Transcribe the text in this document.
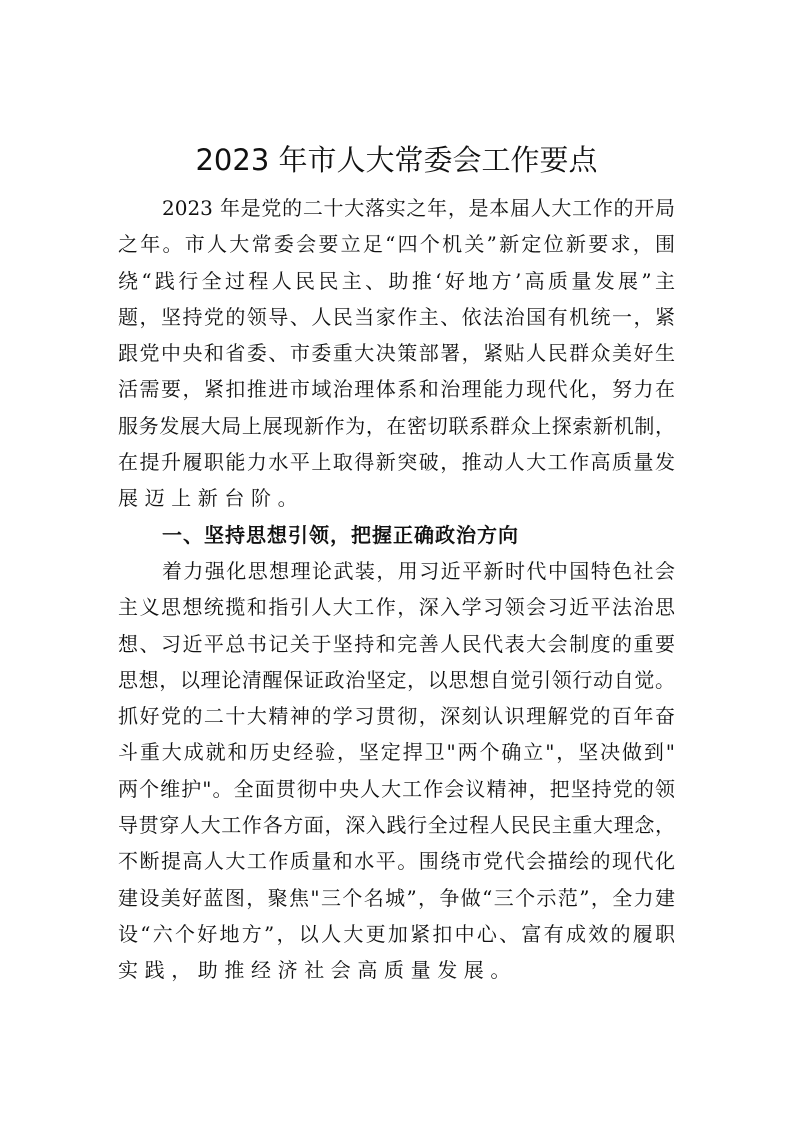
2023 年市人大常委会工作要点
2023 年是党的二十大落实之年，是本届人大工作的开局
之年。市人大常委会要立足“四个机关”新定位新要求，围
绕“践行全过程人民民主、助推‘好地方’高质量发展”主
题，坚持党的领导、人民当家作主、依法治国有机统一，紧
跟党中央和省委、市委重大决策部署，紧贴人民群众美好生
活需要，紧扣推进市域治理体系和治理能力现代化，努力在
服务发展大局上展现新作为，在密切联系群众上探索新机制，
在提升履职能力水平上取得新突破，推动人大工作高质量发
展迈上新台阶。
一、坚持思想引领，把握正确政治方向
着力强化思想理论武装，用习近平新时代中国特色社会
主义思想统揽和指引人大工作，深入学习领会习近平法治思
想、习近平总书记关于坚持和完善人民代表大会制度的重要
思想，以理论清醒保证政治坚定，以思想自觉引领行动自觉。
抓好党的二十大精神的学习贯彻，深刻认识理解党的百年奋
斗重大成就和历史经验，坚定捍卫"两个确立"，坚决做到"
两个维护"。全面贯彻中央人大工作会议精神，把坚持党的领
导贯穿人大工作各方面，深入践行全过程人民民主重大理念，
不断提高人大工作质量和水平。围绕市党代会描绘的现代化
建设美好蓝图，聚焦"三个名城”，争做“三个示范”，全力建
设“六个好地方”，以人大更加紧扣中心、富有成效的履职
实践，助推经济社会高质量发展。
